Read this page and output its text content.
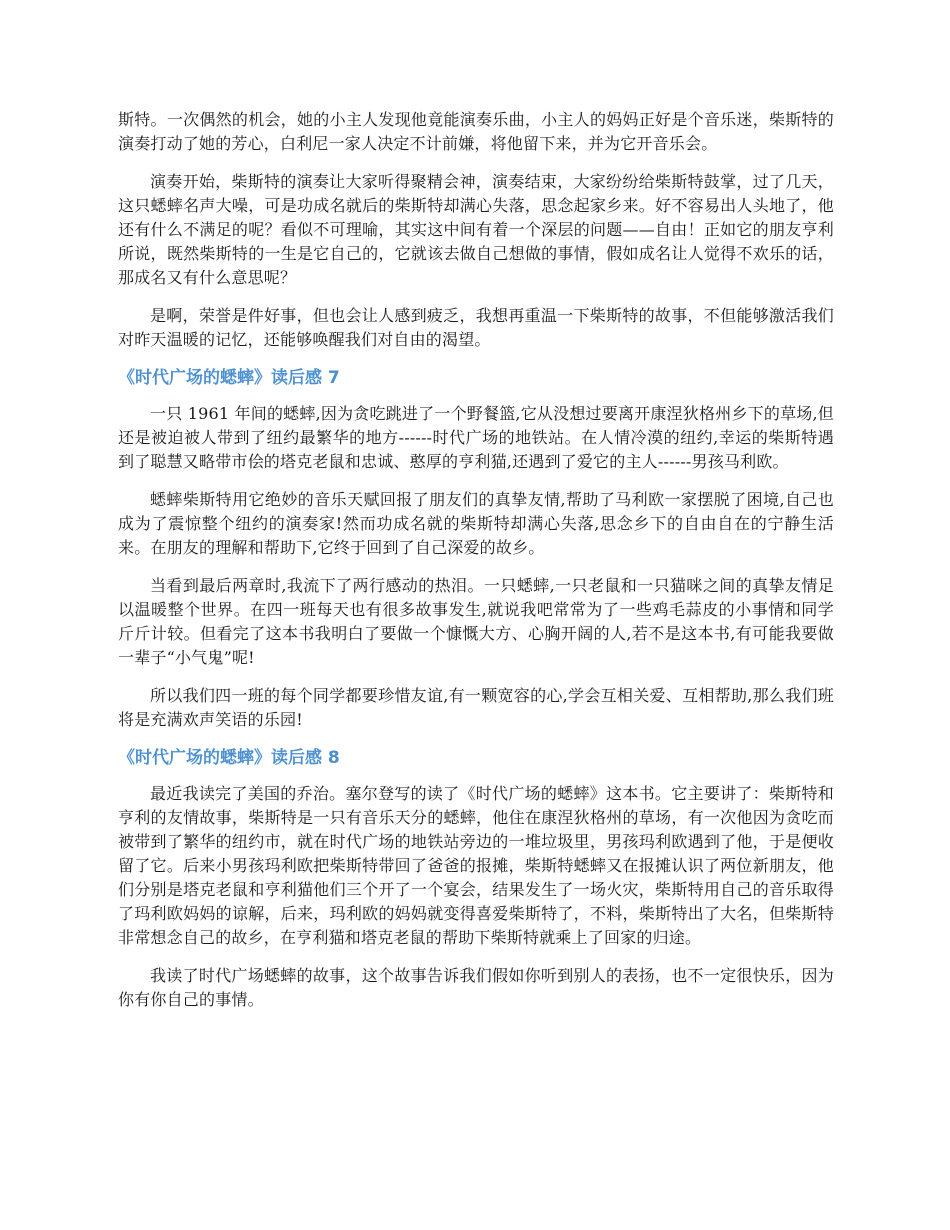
斯特。一次偶然的机会，她的小主人发现他竟能演奏乐曲，小主人的妈妈正好是个音乐迷，柴斯特的演奏打动了她的芳心，白利尼一家人决定不计前嫌，将他留下来，并为它开音乐会。

演奏开始，柴斯特的演奏让大家听得聚精会神，演奏结束，大家纷纷给柴斯特鼓掌，过了几天，这只蟋蟀名声大噪，可是功成名就后的柴斯特却满心失落，思念起家乡来。好不容易出人头地了，他还有什么不满足的呢？看似不可理喻，其实这中间有着一个深层的问题——自由！正如它的朋友亨利所说，既然柴斯特的一生是它自己的，它就该去做自己想做的事情，假如成名让人觉得不欢乐的话，那成名又有什么意思呢？

是啊，荣誉是件好事，但也会让人感到疲乏，我想再重温一下柴斯特的故事，不但能够激活我们对昨天温暖的记忆，还能够唤醒我们对自由的渴望。

《时代广场的蟋蟀》读后感 7

一只 1961 年间的蟋蟀,因为贪吃跳进了一个野餐篮,它从没想过要离开康涅狄格州乡下的草场,但还是被迫被人带到了纽约最繁华的地方------时代广场的地铁站。在人情冷漠的纽约,幸运的柴斯特遇到了聪慧又略带市侩的塔克老鼠和忠诚、憨厚的亨利猫,还遇到了爱它的主人------男孩马利欧。

蟋蟀柴斯特用它绝妙的音乐天赋回报了朋友们的真挚友情,帮助了马利欧一家摆脱了困境,自己也成为了震惊整个纽约的演奏家!然而功成名就的柴斯特却满心失落,思念乡下的自由自在的宁静生活来。在朋友的理解和帮助下,它终于回到了自己深爱的故乡。

当看到最后两章时,我流下了两行感动的热泪。一只蟋蟀,一只老鼠和一只猫咪之间的真挚友情足以温暖整个世界。在四一班每天也有很多故事发生,就说我吧常常为了一些鸡毛蒜皮的小事情和同学斤斤计较。但看完了这本书我明白了要做一个慷慨大方、心胸开阔的人,若不是这本书,有可能我要做一辈子“小气鬼”呢!

所以我们四一班的每个同学都要珍惜友谊,有一颗宽容的心,学会互相关爱、互相帮助,那么我们班将是充满欢声笑语的乐园!

《时代广场的蟋蟀》读后感 8

最近我读完了美国的乔治。塞尔登写的读了《时代广场的蟋蟀》这本书。它主要讲了：柴斯特和亨利的友情故事，柴斯特是一只有音乐天分的蟋蟀，他住在康涅狄格州的草场，有一次他因为贪吃而被带到了繁华的纽约市，就在时代广场的地铁站旁边的一堆垃圾里，男孩玛利欧遇到了他，于是便收留了它。后来小男孩玛利欧把柴斯特带回了爸爸的报摊，柴斯特蟋蟀又在报摊认识了两位新朋友，他们分别是塔克老鼠和亨利猫他们三个开了一个宴会，结果发生了一场火灾，柴斯特用自己的音乐取得了玛利欧妈妈的谅解，后来，玛利欧的妈妈就变得喜爱柴斯特了，不料，柴斯特出了大名，但柴斯特非常想念自己的故乡，在亨利猫和塔克老鼠的帮助下柴斯特就乘上了回家的归途。

我读了时代广场蟋蟀的故事，这个故事告诉我们假如你听到别人的表扬，也不一定很快乐，因为你有你自己的事情。
